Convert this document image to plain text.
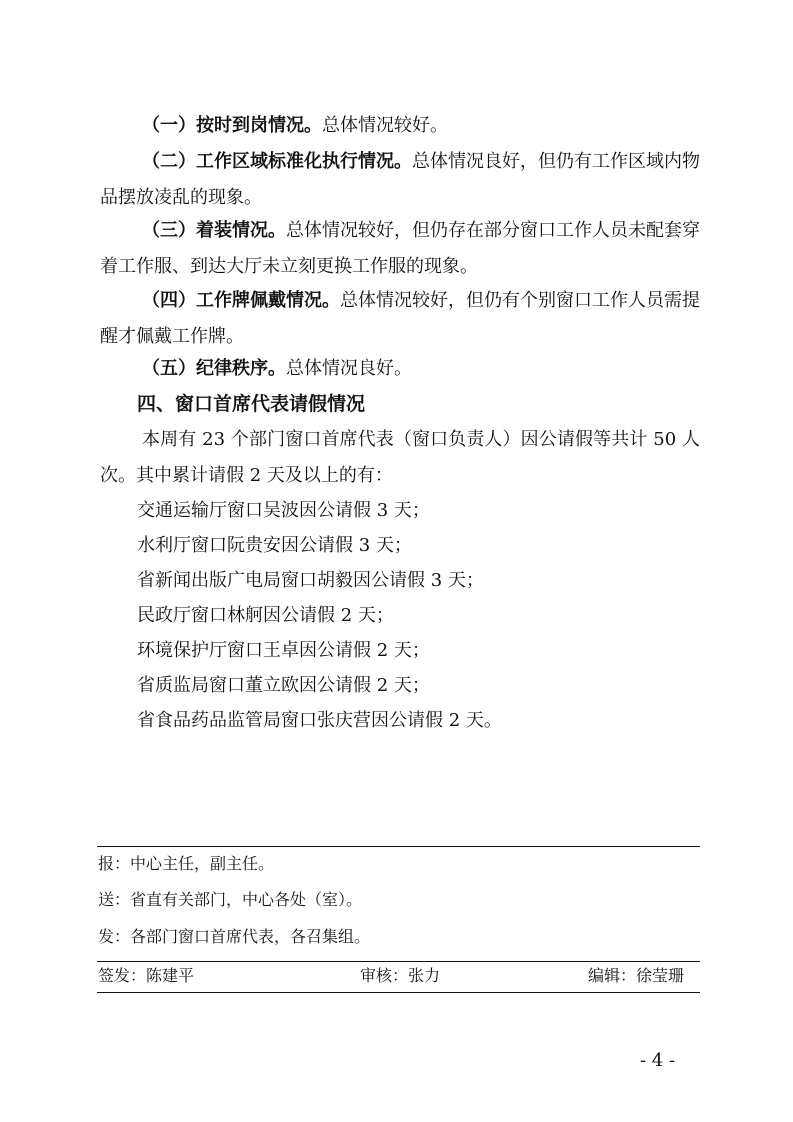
（一）按时到岗情况。总体情况较好。
（二）工作区域标准化执行情况。总体情况良好，但仍有工作区域内物品摆放凌乱的现象。
（三）着装情况。总体情况较好，但仍存在部分窗口工作人员未配套穿着工作服、到达大厅未立刻更换工作服的现象。
（四）工作牌佩戴情况。总体情况较好，但仍有个别窗口工作人员需提醒才佩戴工作牌。
（五）纪律秩序。总体情况良好。
四、窗口首席代表请假情况
本周有 23 个部门窗口首席代表（窗口负责人）因公请假等共计 50 人次。其中累计请假 2 天及以上的有：
交通运输厅窗口吴波因公请假 3 天；
水利厅窗口阮贵安因公请假 3 天；
省新闻出版广电局窗口胡毅因公请假 3 天；
民政厅窗口林舸因公请假 2 天；
环境保护厅窗口王卓因公请假 2 天；
省质监局窗口董立欧因公请假 2 天；
省食品药品监管局窗口张庆营因公请假 2 天。
报：中心主任，副主任。
送：省直有关部门，中心各处（室）。
发：各部门窗口首席代表，各召集组。
签发：陈建平	审核：张力	编辑：徐莹珊
- 4 -
